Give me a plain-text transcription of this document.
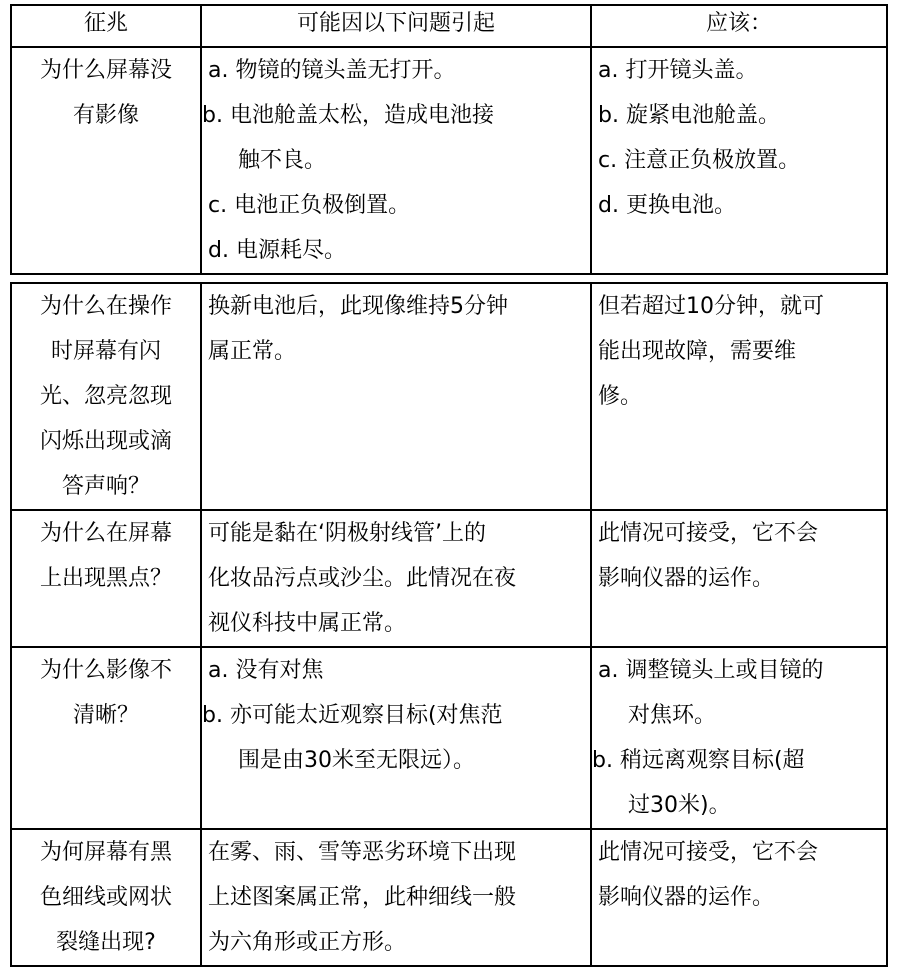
征兆	可能因以下问题引起	应该：

为什么屏幕没
有影像	a. 物镜的镜头盖无打开。
b. 电池舱盖太松，造成电池接
触不良。
c. 电池正负极倒置。
d. 电源耗尽。	a. 打开镜头盖。
b. 旋紧电池舱盖。
c. 注意正负极放置。
d. 更换电池。
为什么在操作
时屏幕有闪
光、忽亮忽现
闪烁出现或滴
答声响？	换新电池后，此现像维持5分钟
属正常。	但若超过10分钟，就可
能出现故障，需要维
修。

为什么在屏幕
上出现黑点？	可能是黏在‘阴极射线管’上的
化妆品污点或沙尘。此情况在夜
视仪科技中属正常。	此情况可接受，它不会
影响仪器的运作。

为什么影像不
清晰？	a. 没有对焦
b. 亦可能太近观察目标(对焦范
围是由30米至无限远）。	a. 调整镜头上或目镜的
对焦环。
b. 稍远离观察目标(超
过30米)。

为何屏幕有黑
色细线或网状
裂缝出现?	在雾、雨、雪等恶劣环境下出现
上述图案属正常，此种细线一般
为六角形或正方形。	此情况可接受，它不会
影响仪器的运作。
